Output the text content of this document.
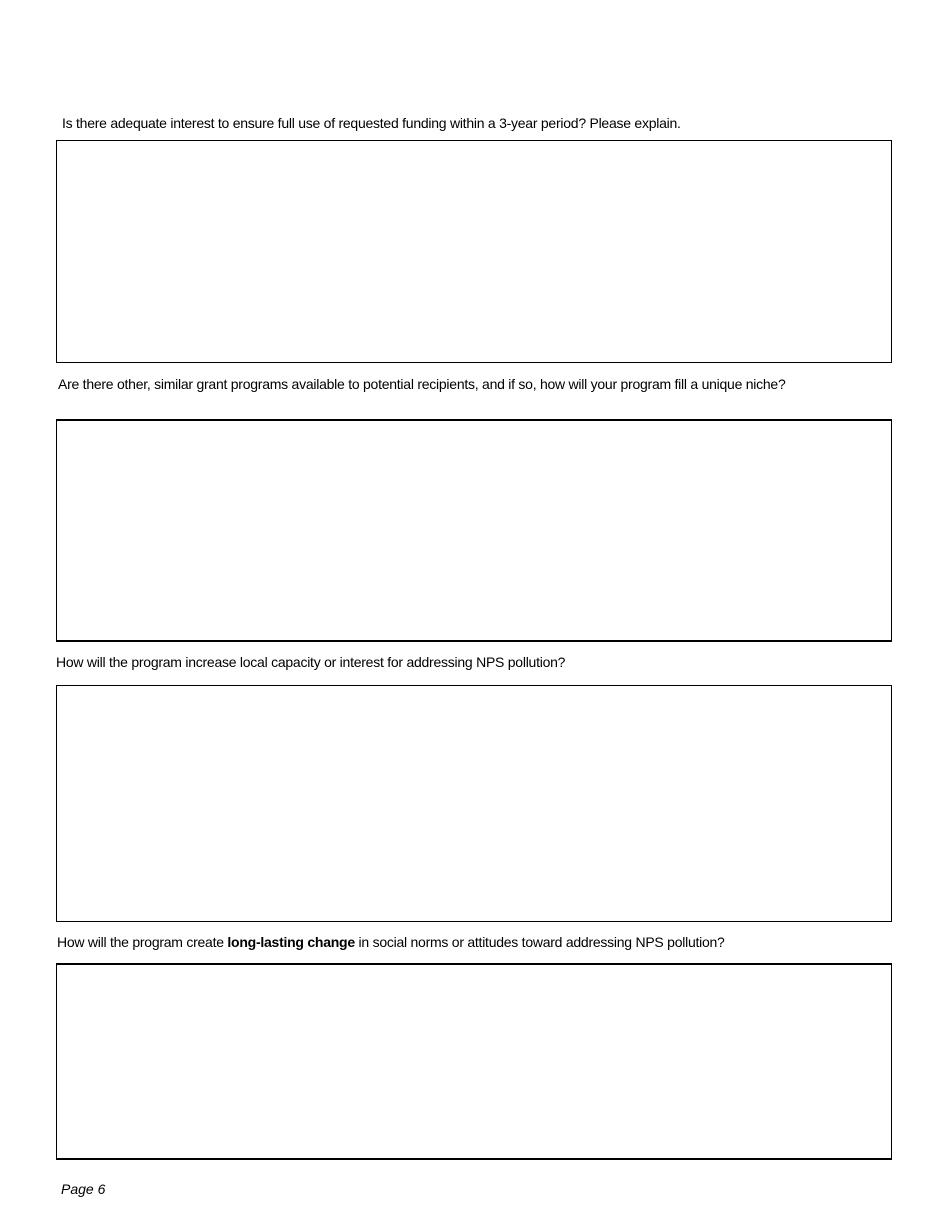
Is there adequate interest to ensure full use of requested funding within a 3-year period? Please explain.
Are there other, similar grant programs available to potential recipients, and if so, how will your program fill a unique niche?
How will the program increase local capacity or interest for addressing NPS pollution?
How will the program create long-lasting change in social norms or attitudes toward addressing NPS pollution?
Page 6
